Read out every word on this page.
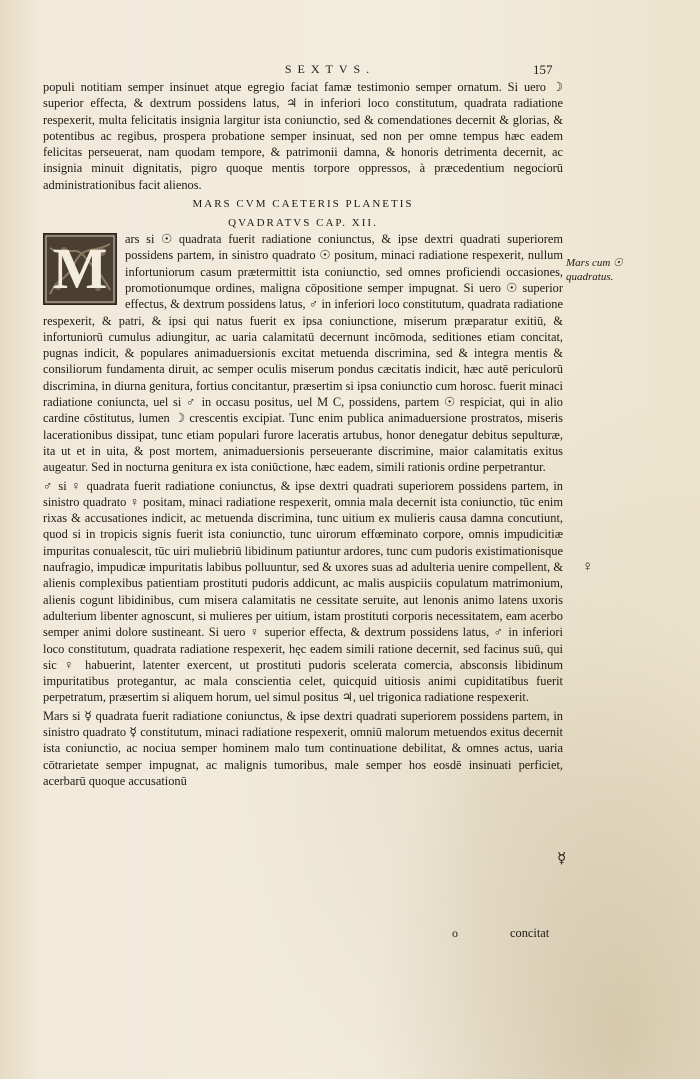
SEXTVS.	157

populi notitiam semper insinuet atque egregio faciat famæ testimonio semper ornatum. Si uero ☽ superior effecta, & dextrum possidens latus, ♃ in inferiori loco constitutum, quadrata radiatione respexerit, multa felicitatis insignia largitur ista coniunctio, sed & comendationes decernit & glorias, & potentibus ac regibus, prospera probatione semper insinuat, sed non per omne tempus hæc eadem felicitas perseuerat, nam quodam tempore, & patrimonii damna, & honoris detrimenta decernit, ac insignia minuit dignitatis, pigro quoque mentis torpore oppressos, à præcedentium negociorū administrationibus facit alienos.

MARS CVM CAETERIS PLANETIS
QVADRATVS CAP. XII.
M	ars si ☉ quadrata fuerit radiatione coniunctus, & ipse dextri quadrati superiorem possidens partem, in sinistro quadrato ☉ positum, minaci radiatione respexerit, nullum infortuniorum casum prætermittit ista coniunctio, sed omnes proficiendi occasiones, promotionumque ordines, maligna cōpositione semper impugnat. Si uero ☉ superior effectus, & dextrum possidens latus, ♂ in inferiori loco constitutum, quadrata radiatione respexerit, & patri, & ipsi qui natus fuerit ex ipsa coniunctione, miserum præparatur exitiū, & infortuniorū cumulus adiungitur, ac uaria calamitatū decernunt incōmoda, seditiones etiam concitat, pugnas indicit, & populares animaduersionis excitat metuenda discrimina, sed & integra mentis & consiliorum fundamenta diruit, ac semper oculis miserum pondus cæcitatis indicit, hæc autē periculorū discrimina, in diurna genitura, fortius concitantur, præsertim si ipsa coniunctio cum horosc. fuerit minaci radiatione coniuncta, uel si ♂ in occasu positus, uel M C, possidens, partem ☉ respiciat, qui in alio cardine cōstitutus, lumen ☽ crescentis excipiat. Tunc enim publica animaduersione prostratos, miseris lacerationibus dissipat, tunc etiam populari furore laceratis artubus, honor denegatur debitus sepulturæ, ita ut et in uita, & post mortem, animaduersionis perseuerante discrimine, maior calamitatis exitus augeatur. Sed in nocturna genitura ex ista coniūctione, hæc eadem, simili rationis ordine perpetrantur.

♂ si ♀ quadrata fuerit radiatione coniunctus, & ipse dextri quadrati superiorem possidens partem, in sinistro quadrato ♀ positam, minaci radiatione respexerit, omnia mala decernit ista coniunctio, tūc enim rixas & accusationes indicit, ac metuenda discrimina, tunc uitium ex mulieris causa damna concutiunt, quod si in tropicis signis fuerit ista coniunctio, tunc uirorum effœminato corpore, omnis impudicitiæ impuritas conualescit, tūc uiri muliebriū libidinum patiuntur ardores, tunc cum pudoris existimationisque naufragio, impudicæ impuritatis labibus polluuntur, sed & uxores suas ad adulteria uenire compellent, & alienis complexibus patientiam prostituti pudoris addicunt, ac malis auspiciis copulatum matrimonium, alienis cogunt libidinibus, cum misera calamitatis ne cessitate seruite, aut lenonis animo latens uxoris adulterium libenter agnoscunt, si mulieres per uitium, istam prostituti corporis necessitatem, eam acerbo semper animi dolore sustineant. Si uero ♀ superior effecta, & dextrum possidens latus, ♂ in inferiori loco constitutum, quadrata radiatione respexerit, hęc eadem simili ratione decernit, sed facinus suū, qui sic ♀ habuerint, latenter exercent, ut prostituti pudoris scelerata comercia, absconsis libidinum impuritatibus protegantur, ac mala conscientia celet, quicquid uitiosis animi cupiditatibus fuerit perpetratum, præsertim si aliquem horum, uel simul positus ♃, uel trigonica radiatione respexerit.

Mars si ☿ quadrata fuerit radiatione coniunctus, & ipse dextri quadrati superiorem possidens partem, in sinistro quadrato ☿ constitutum, minaci radiatione respexerit, omniū malorum metuendos exitus decernit ista coniunctio, ac nociua semper hominem malo tum continuatione debilitat, & omnes actus, uaria cōtrarietate semper impugnat, ac malignis tumoribus, male semper hos eosdē insinuati perficiet, acerbarū quoque accusationū

Mars cum ☉
quadratus.
♀
☿
o	concitat
